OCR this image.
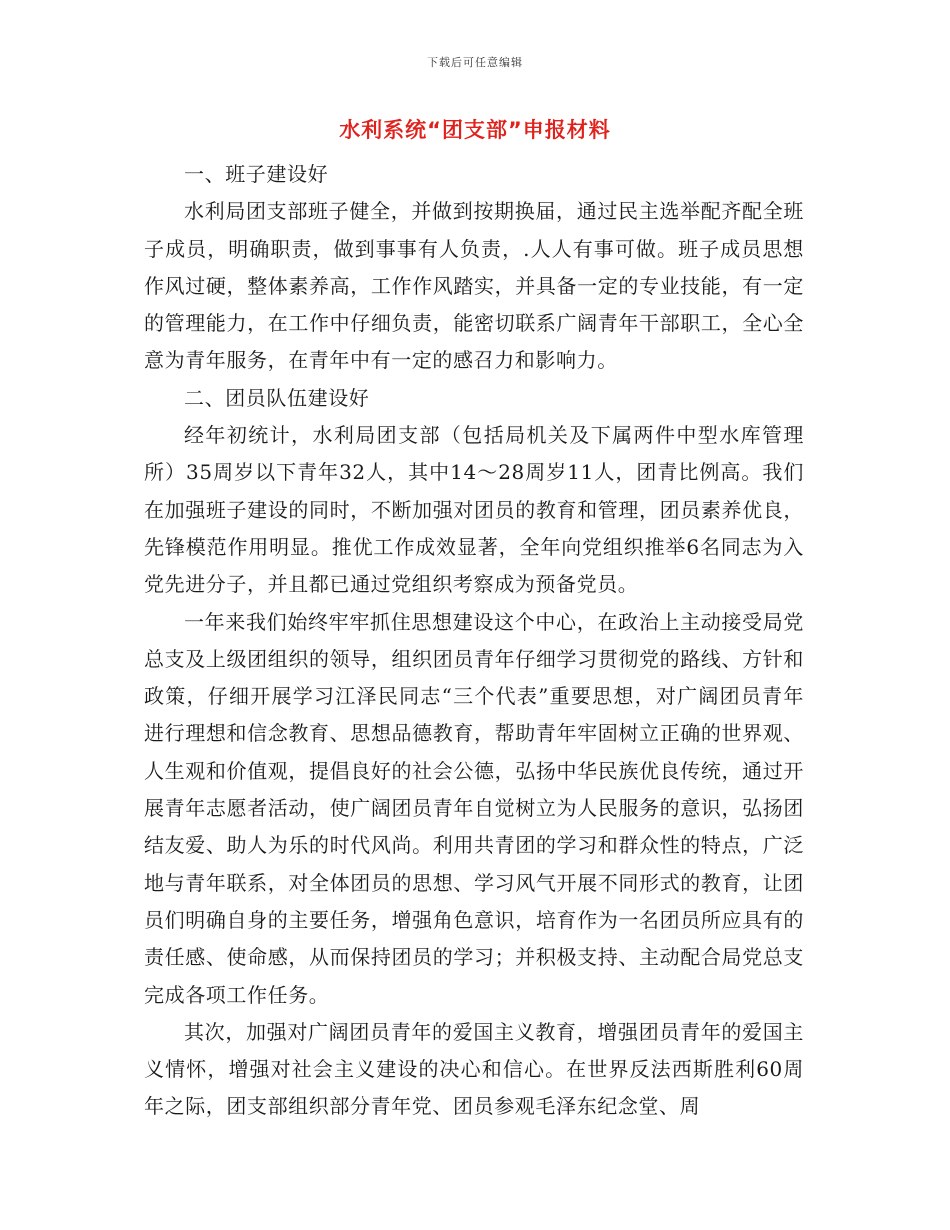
下载后可任意编辑
水利系统“团支部”申报材料

一、班子建设好

水利局团支部班子健全，并做到按期换届，通过民主选举配齐配全班子成员，明确职责，做到事事有人负责，.人人有事可做。班子成员思想作风过硬，整体素养高，工作作风踏实，并具备一定的专业技能，有一定的管理能力，在工作中仔细负责，能密切联系广阔青年干部职工，全心全意为青年服务，在青年中有一定的感召力和影响力。

二、团员队伍建设好

经年初统计，水利局团支部（包括局机关及下属两件中型水库管理所）35周岁以下青年32人，其中14～28周岁11人，团青比例高。我们在加强班子建设的同时，不断加强对团员的教育和管理，团员素养优良，先锋模范作用明显。推优工作成效显著，全年向党组织推举6名同志为入党先进分子，并且都已通过党组织考察成为预备党员。

一年来我们始终牢牢抓住思想建设这个中心，在政治上主动接受局党总支及上级团组织的领导，组织团员青年仔细学习贯彻党的路线、方针和政策，仔细开展学习江泽民同志“三个代表”重要思想，对广阔团员青年进行理想和信念教育、思想品德教育，帮助青年牢固树立正确的世界观、人生观和价值观，提倡良好的社会公德，弘扬中华民族优良传统，通过开展青年志愿者活动，使广阔团员青年自觉树立为人民服务的意识，弘扬团结友爱、助人为乐的时代风尚。利用共青团的学习和群众性的特点，广泛地与青年联系，对全体团员的思想、学习风气开展不同形式的教育，让团员们明确自身的主要任务，增强角色意识，培育作为一名团员所应具有的责任感、使命感，从而保持团员的学习；并积极支持、主动配合局党总支完成各项工作任务。

其次，加强对广阔团员青年的爱国主义教育，增强团员青年的爱国主义情怀，增强对社会主义建设的决心和信心。在世界反法西斯胜利60周年之际，团支部组织部分青年党、团员参观毛泽东纪念堂、周
